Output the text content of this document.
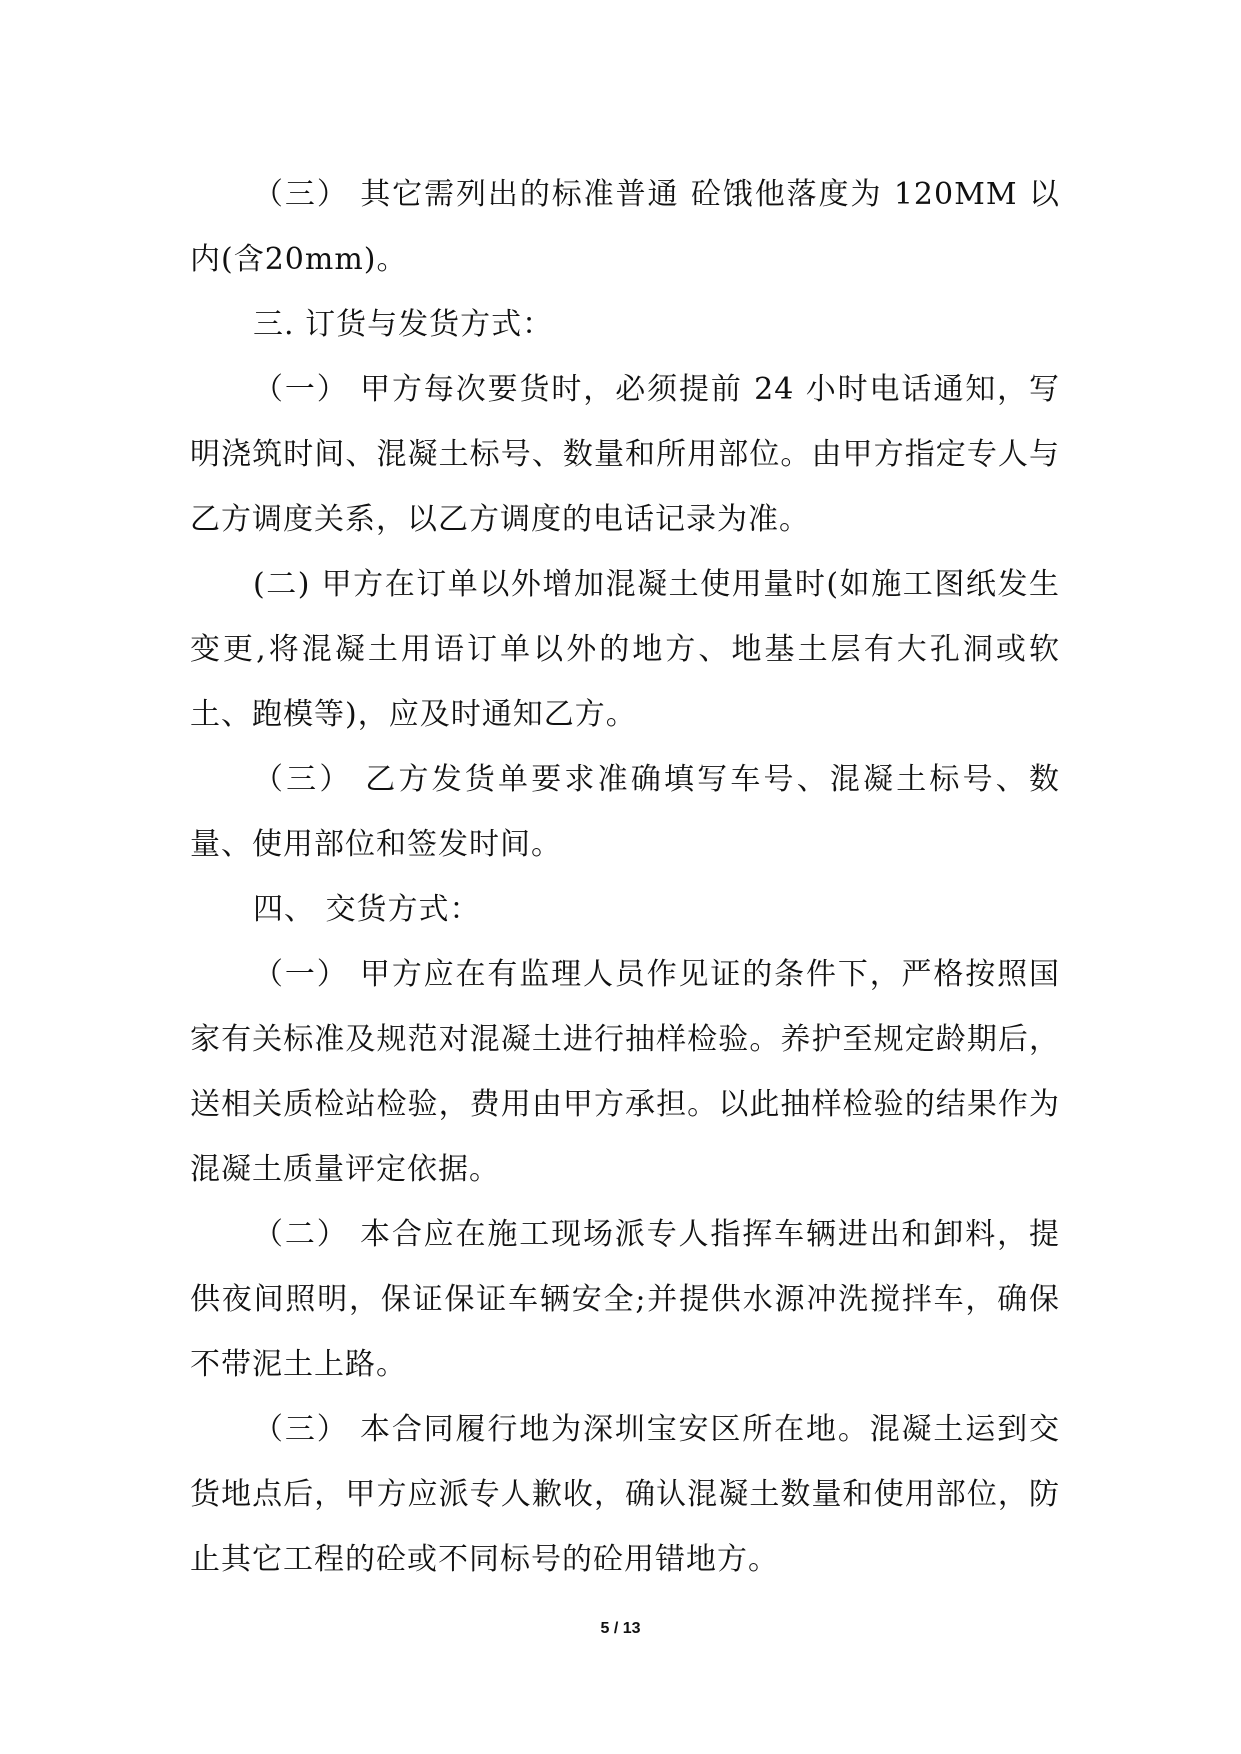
（三） 其它需列出的标准普通 砼饿他落度为 120MM 以内(含20mm)。

三. 订货与发货方式：

（一） 甲方每次要货时，必须提前 24 小时电话通知，写明浇筑时间、混凝土标号、数量和所用部位。由甲方指定专人与乙方调度关系，以乙方调度的电话记录为准。

(二) 甲方在订单以外增加混凝土使用量时(如施工图纸发生变更,将混凝土用语订单以外的地方、地基土层有大孔洞或软土、跑模等)，应及时通知乙方。

（三） 乙方发货单要求准确填写车号、混凝土标号、数量、使用部位和签发时间。

四、 交货方式：

（一） 甲方应在有监理人员作见证的条件下，严格按照国家有关标准及规范对混凝土进行抽样检验。养护至规定龄期后，送相关质检站检验，费用由甲方承担。以此抽样检验的结果作为混凝土质量评定依据。

（二） 本合应在施工现场派专人指挥车辆进出和卸料，提供夜间照明，保证保证车辆安全;并提供水源冲洗搅拌车，确保不带泥土上路。

（三） 本合同履行地为深圳宝安区所在地。混凝土运到交货地点后，甲方应派专人歉收，确认混凝土数量和使用部位，防止其它工程的砼或不同标号的砼用错地方。

5 / 13
